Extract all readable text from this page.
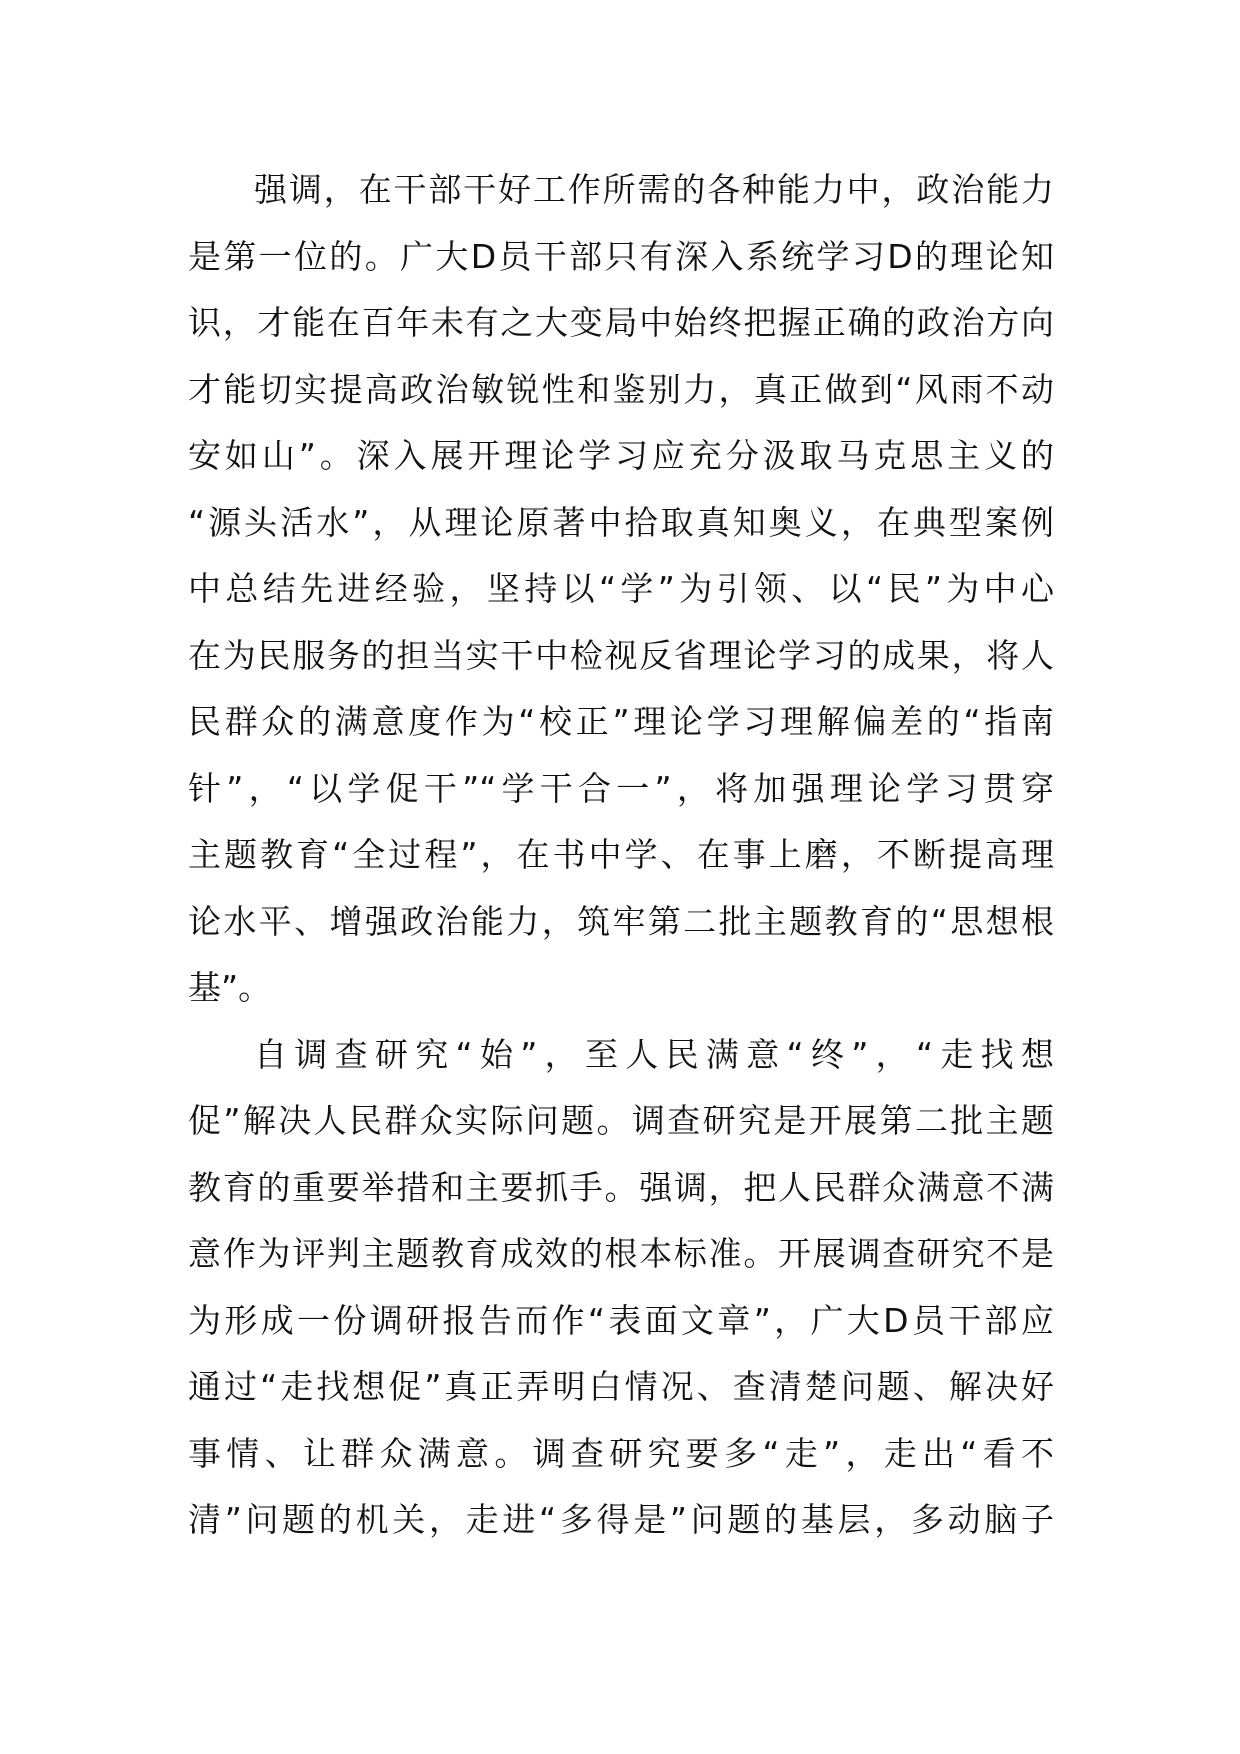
强调，在干部干好工作所需的各种能力中，政治能力
是第一位的。广大D员干部只有深入系统学习D的理论知
识，才能在百年未有之大变局中始终把握正确的政治方向
才能切实提高政治敏锐性和鉴别力，真正做到“风雨不动
安如山”。深入展开理论学习应充分汲取马克思主义的
“源头活水”，从理论原著中拾取真知奥义，在典型案例
中总结先进经验，坚持以“学”为引领、以“民”为中心
在为民服务的担当实干中检视反省理论学习的成果，将人
民群众的满意度作为“校正”理论学习理解偏差的“指南
针”，“以学促干”“学干合一”，将加强理论学习贯穿
主题教育“全过程”，在书中学、在事上磨，不断提高理
论水平、增强政治能力，筑牢第二批主题教育的“思想根
基”。
自调查研究“始”，至人民满意“终”，“走找想
促”解决人民群众实际问题。调查研究是开展第二批主题
教育的重要举措和主要抓手。强调，把人民群众满意不满
意作为评判主题教育成效的根本标准。开展调查研究不是
为形成一份调研报告而作“表面文章”，广大D员干部应
通过“走找想促”真正弄明白情况、查清楚问题、解决好
事情、让群众满意。调查研究要多“走”，走出“看不
清”问题的机关，走进“多得是”问题的基层，多动脑子
